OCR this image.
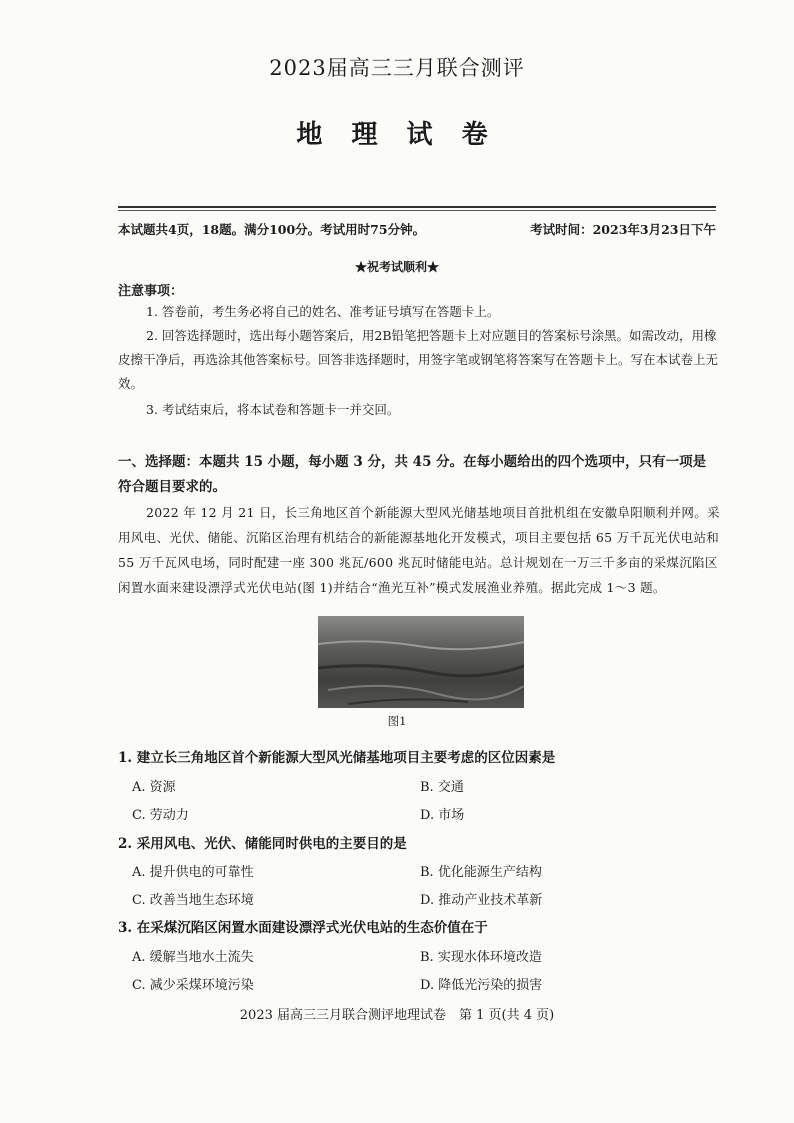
2023届高三三月联合测评
地 理 试 卷
本试题共4页，18题。满分100分。考试用时75分钟。	考试时间：2023年3月23日下午
★祝考试顺利★
注意事项：
1. 答卷前，考生务必将自己的姓名、准考证号填写在答题卡上。
2. 回答选择题时，选出每小题答案后，用2B铅笔把答题卡上对应题目的答案标号涂黑。如需改动，用橡皮擦干净后，再选涂其他答案标号。回答非选择题时，用签字笔或钢笔将答案写在答题卡上。写在本试卷上无效。
3. 考试结束后，将本试卷和答题卡一并交回。
一、选择题：本题共 15 小题，每小题 3 分，共 45 分。在每小题给出的四个选项中，只有一项是符合题目要求的。
2022 年 12 月 21 日，长三角地区首个新能源大型风光储基地项目首批机组在安徽阜阳顺利并网。采用风电、光伏、储能、沉陷区治理有机结合的新能源基地化开发模式，项目主要包括 65 万千瓦光伏电站和 55 万千瓦风电场，同时配建一座 300 兆瓦/600 兆瓦时储能电站。总计规划在一万三千多亩的采煤沉陷区闲置水面来建设漂浮式光伏电站(图 1)并结合“渔光互补”模式发展渔业养殖。据此完成 1～3 题。
图1
1. 建立长三角地区首个新能源大型风光储基地项目主要考虑的区位因素是
A. 资源	B. 交通
C. 劳动力	D. 市场
2. 采用风电、光伏、储能同时供电的主要目的是
A. 提升供电的可靠性	B. 优化能源生产结构
C. 改善当地生态环境	D. 推动产业技术革新
3. 在采煤沉陷区闲置水面建设漂浮式光伏电站的生态价值在于
A. 缓解当地水土流失	B. 实现水体环境改造
C. 减少采煤环境污染	D. 降低光污染的损害
2023 届高三三月联合测评地理试卷　第 1 页(共 4 页)
